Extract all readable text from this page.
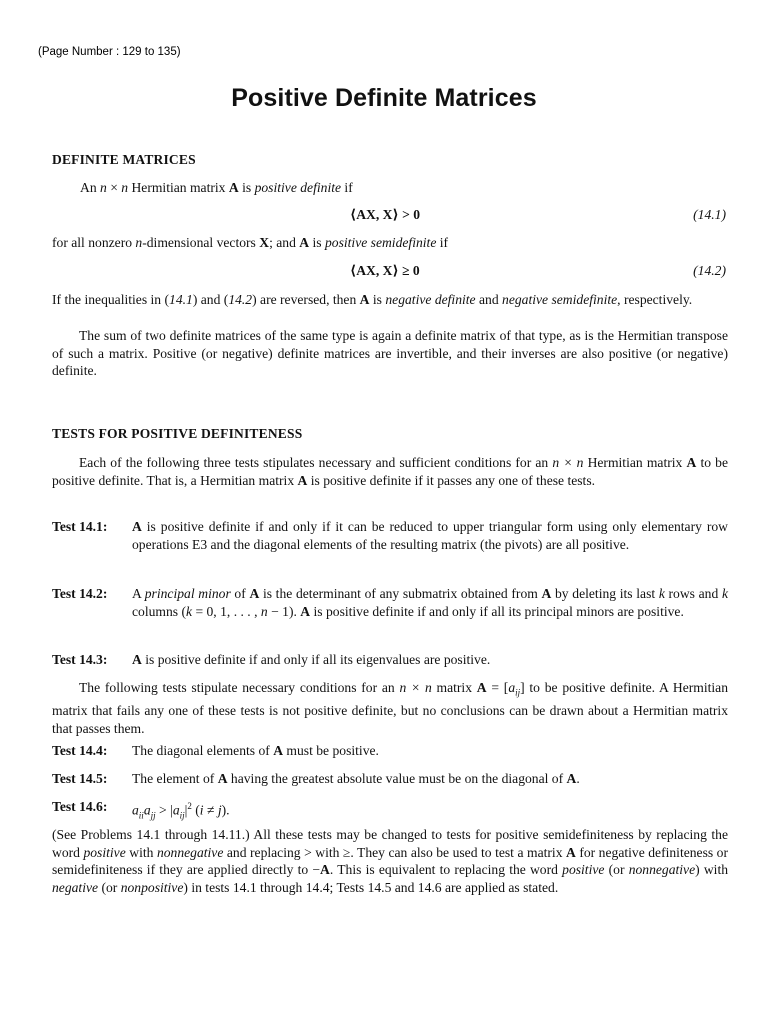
(Page Number : 129 to 135)
Positive Definite Matrices
DEFINITE MATRICES
An n × n Hermitian matrix A is positive definite if
⟨AX, X⟩ > 0	(14.1)
for all nonzero n-dimensional vectors X; and A is positive semidefinite if
⟨AX, X⟩ ≥ 0	(14.2)
If the inequalities in (14.1) and (14.2) are reversed, then A is negative definite and negative semidefinite, respectively.
The sum of two definite matrices of the same type is again a definite matrix of that type, as is the Hermitian transpose of such a matrix. Positive (or negative) definite matrices are invertible, and their inverses are also positive (or negative) definite.
TESTS FOR POSITIVE DEFINITENESS
Each of the following three tests stipulates necessary and sufficient conditions for an n × n Hermitian matrix A to be positive definite. That is, a Hermitian matrix A is positive definite if it passes any one of these tests.
Test 14.1: A is positive definite if and only if it can be reduced to upper triangular form using only elementary row operations E3 and the diagonal elements of the resulting matrix (the pivots) are all positive.
Test 14.2: A principal minor of A is the determinant of any submatrix obtained from A by deleting its last k rows and k columns (k = 0, 1, . . . , n − 1). A is positive definite if and only if all its principal minors are positive.
Test 14.3: A is positive definite if and only if all its eigenvalues are positive.
The following tests stipulate necessary conditions for an n × n matrix $A = [a_{ij}]$ to be positive definite. A Hermitian matrix that fails any one of these tests is not positive definite, but no conclusions can be drawn about a Hermitian matrix that passes them.
Test 14.4: The diagonal elements of A must be positive.
Test 14.5: The element of A having the greatest absolute value must be on the diagonal of A.
Test 14.6: $a_{ii}a_{jj} > |a_{ij}|^2$ (i ≠ j).
(See Problems 14.1 through 14.11.) All these tests may be changed to tests for positive semidefiniteness by replacing the word positive with nonnegative and replacing > with ≥. They can also be used to test a matrix A for negative definiteness or semidefiniteness if they are applied directly to −A. This is equivalent to replacing the word positive (or nonnegative) with negative (or nonpositive) in tests 14.1 through 14.4; Tests 14.5 and 14.6 are applied as stated.
